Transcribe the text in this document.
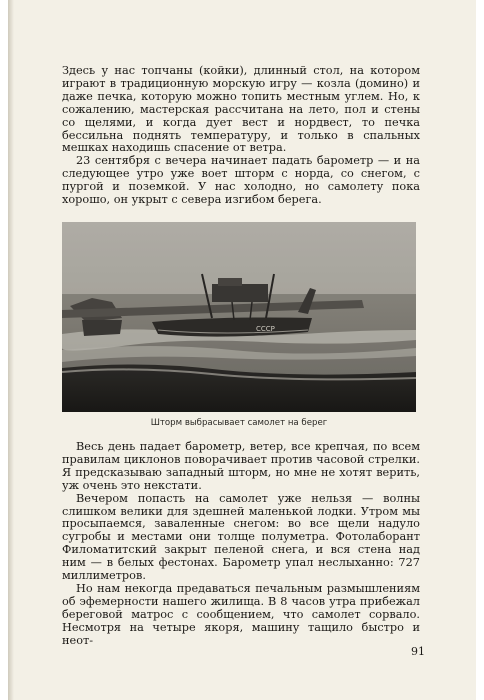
Здесь у нас топчаны (койки), длинный стол, на котором играют в традиционную морскую игру — козла (домино) и даже печка, которую можно топить местным углем. Но, к сожалению, мастерская рассчитана на лето, пол и стены со щелями, и когда дует вест и нордвест, то печка бессильна поднять температуру, и только в спальных мешках находишь спасение от ветра.

23 сентября с вечера начинает падать барометр — и на следующее утро уже воет шторм с норда, со снегом, с пургой и поземкой. У нас холодно, но самолету пока хорошо, он укрыт с севера изгибом берега.

СССР
Шторм выбрасывает самолет на берег

Весь день падает барометр, ветер, все крепчая, по всем правилам циклонов поворачивает против часовой стрелки. Я предсказываю западный шторм, но мне не хотят верить, уж очень это некстати.

Вечером попасть на самолет уже нельзя — волны слишком велики для здешней маленькой лодки. Утром мы просыпаемся, заваленные снегом: во все щели надуло сугробы и местами они толще полуметра. Фотолаборант Филоматитский закрыт пеленой снега, и вся стена над ним — в белых фестонах. Барометр упал неслыханно: 727 миллиметров.

Но нам некогда предаваться печальным размышлениям об эфемерности нашего жилища. В 8 часов утра прибежал береговой матрос с сообщением, что самолет сорвало. Несмотря на четыре якоря, машину тащило быстро и неот-

91
